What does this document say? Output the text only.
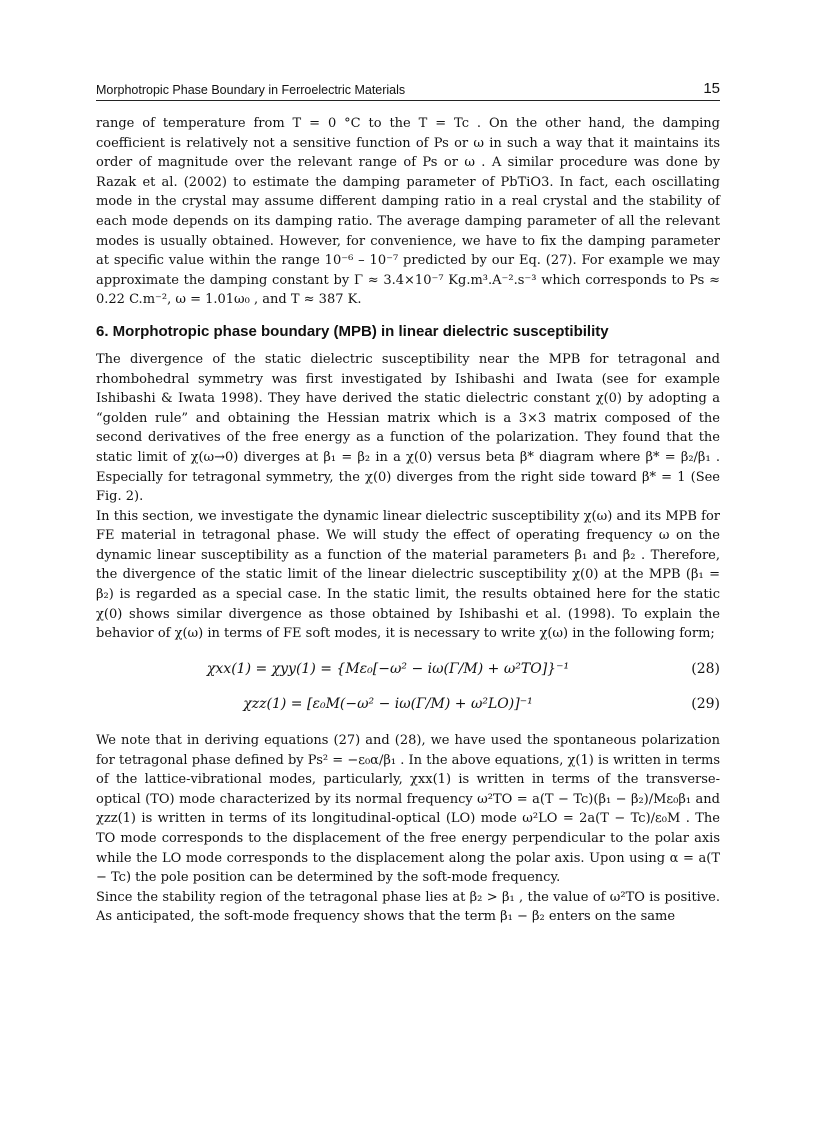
Morphotropic Phase Boundary in Ferroelectric Materials	15

range of temperature from T = 0 °C to the T = Tc . On the other hand, the damping coefficient is relatively not a sensitive function of Ps or ω in such a way that it maintains its order of magnitude over the relevant range of Ps or ω . A similar procedure was done by Razak et al. (2002) to estimate the damping parameter of PbTiO3. In fact, each oscillating mode in the crystal may assume different damping ratio in a real crystal and the stability of each mode depends on its damping ratio. The average damping parameter of all the relevant modes is usually obtained. However, for convenience, we have to fix the damping parameter at specific value within the range 10⁻⁶ – 10⁻⁷ predicted by our Eq. (27). For example we may approximate the damping constant by Γ ≈ 3.4×10⁻⁷ Kg.m³.A⁻².s⁻³ which corresponds to Ps ≈ 0.22 C.m⁻², ω = 1.01ω₀ , and T ≈ 387 K.

6. Morphotropic phase boundary (MPB) in linear dielectric susceptibility

The divergence of the static dielectric susceptibility near the MPB for tetragonal and rhombohedral symmetry was first investigated by Ishibashi and Iwata (see for example Ishibashi & Iwata 1998). They have derived the static dielectric constant χ(0) by adopting a “golden rule” and obtaining the Hessian matrix which is a 3×3 matrix composed of the second derivatives of the free energy as a function of the polarization. They found that the static limit of χ(ω→0) diverges at β₁ = β₂ in a χ(0) versus beta β* diagram where β* = β₂/β₁ . Especially for tetragonal symmetry, the χ(0) diverges from the right side toward β* = 1 (See Fig. 2).

In this section, we investigate the dynamic linear dielectric susceptibility χ(ω) and its MPB for FE material in tetragonal phase. We will study the effect of operating frequency ω on the dynamic linear susceptibility as a function of the material parameters β₁ and β₂ . Therefore, the divergence of the static limit of the linear dielectric susceptibility χ(0) at the MPB (β₁ = β₂) is regarded as a special case. In the static limit, the results obtained here for the static χ(0) shows similar divergence as those obtained by Ishibashi et al. (1998). To explain the behavior of χ(ω) in terms of FE soft modes, it is necessary to write χ(ω) in the following form;

χxx(1) = χyy(1) = {Mε₀[−ω² − iω(Γ/M) + ω²TO]}⁻¹	(28)
χzz(1) = [ε₀M(−ω² − iω(Γ/M) + ω²LO)]⁻¹	(29)

We note that in deriving equations (27) and (28), we have used the spontaneous polarization for tetragonal phase defined by Ps² = −ε₀α/β₁ . In the above equations, χ(1) is written in terms of the lattice-vibrational modes, particularly, χxx(1) is written in terms of the transverse-optical (TO) mode characterized by its normal frequency ω²TO = a(T − Tc)(β₁ − β₂)/Mε₀β₁ and χzz(1) is written in terms of its longitudinal-optical (LO) mode ω²LO = 2a(T − Tc)/ε₀M . The TO mode corresponds to the displacement of the free energy perpendicular to the polar axis while the LO mode corresponds to the displacement along the polar axis. Upon using α = a(T − Tc) the pole position can be determined by the soft-mode frequency.

Since the stability region of the tetragonal phase lies at β₂ > β₁ , the value of ω²TO is positive. As anticipated, the soft-mode frequency shows that the term β₁ − β₂ enters on the same
